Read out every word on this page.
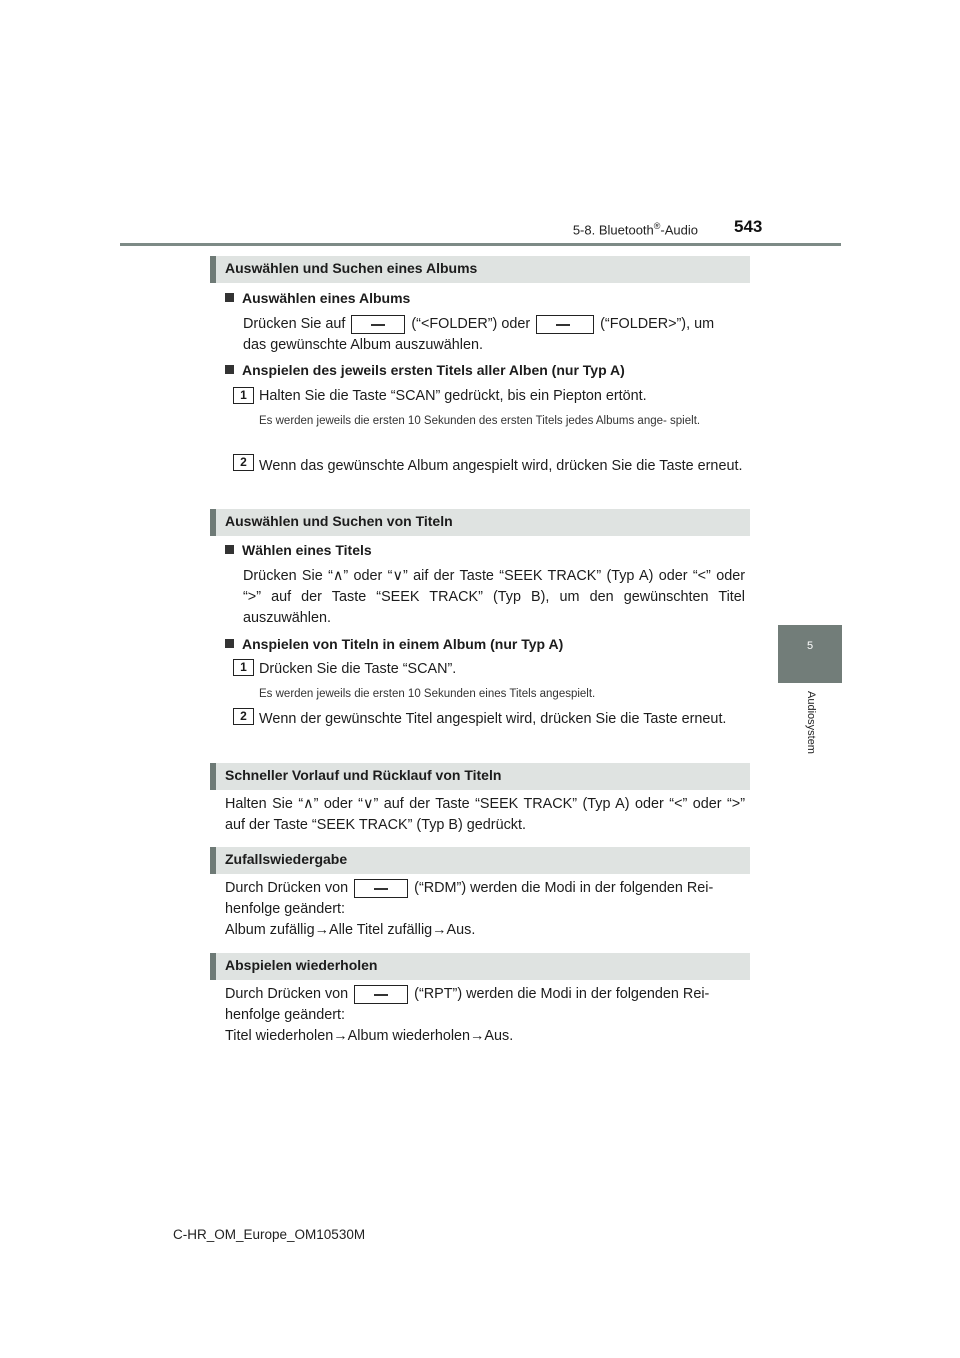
5-8. Bluetooth®-Audio 543
5
Audiosystem
Auswählen und Suchen eines Albums
Auswählen eines Albums
Drücken Sie auf	(“<FOLDER”) oder	(“FOLDER>”), um
das gewünschte Album auszuwählen.
Anspielen des jeweils ersten Titels aller Alben (nur Typ A)
1 Halten Sie die Taste “SCAN” gedrückt, bis ein Piepton ertönt.
Es werden jeweils die ersten 10 Sekunden des ersten Titels jedes Albums ange- spielt.
2 Wenn das gewünschte Album angespielt wird, drücken Sie die Taste erneut.
Auswählen und Suchen von Titeln
Wählen eines Titels
Drücken Sie “∧” oder “∨” aif der Taste “SEEK TRACK” (Typ A) oder “<” oder “>” auf der Taste “SEEK TRACK” (Typ B), um den gewünschten Titel auszuwählen.
Anspielen von Titeln in einem Album (nur Typ A)
1 Drücken Sie die Taste “SCAN”.
Es werden jeweils die ersten 10 Sekunden eines Titels angespielt.
2 Wenn der gewünschte Titel angespielt wird, drücken Sie die Taste erneut.
Schneller Vorlauf und Rücklauf von Titeln
Halten Sie “∧” oder “∨” auf der Taste “SEEK TRACK” (Typ A) oder “<” oder “>” auf der Taste “SEEK TRACK” (Typ B) gedrückt.
Zufallswiedergabe
Durch Drücken von	(“RDM”) werden die Modi in der folgenden Rei-
henfolge geändert:
Album zufällig→Alle Titel zufällig→Aus.
Abspielen wiederholen
Durch Drücken von	(“RPT”) werden die Modi in der folgenden Rei-
henfolge geändert:
Titel wiederholen→Album wiederholen→Aus.
C-HR_OM_Europe_OM10530M
